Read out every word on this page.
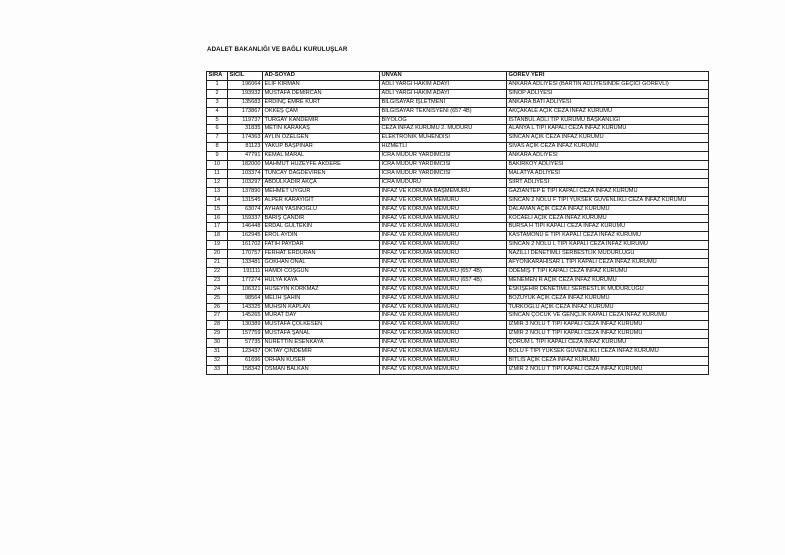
ADALET BAKANLIĞI VE BAĞLI KURULUŞLAR
SIRA	SİCİL	AD-SOYAD	UNVAN	GÖREV YERİ
1	196064	ELİF KIRMAN	ADLİ YARGI HÂKİM ADAYI	ANKARA ADLİYESİ (BARTIN ADLİYESİNDE GEÇİCİ GÖREVLİ)
2	193932	MUSTAFA DEMİRCAN	ADLİ YARGI HÂKİM ADAYI	SİNOP ADLİYESİ
3	135683	ERDİNÇ EMRE KURT	BİLGİSAYAR İŞLETMENİ	ANKARA BATI ADLİYESİ
4	173867	ÖKKEŞ ÇAM	BİLGİSAYAR TEKNİSYENİ (657 4B)	AKÇAKALE AÇIK CEZA İNFAZ KURUMU
5	119737	TURGAY KANDEMİR	BİYOLOG	İSTANBUL ADLİ TIP KURUMU BAŞKANLIĞI
6	31835	METİN KARAKAŞ	CEZA İNFAZ KURUMU 2. MÜDÜRÜ	ALANYA L TİPİ KAPALI CEZA İNFAZ KURUMU
7	174363	AYLİN ÖZELGEN	ELEKTRONİK MÜHENDİSİ	SİNCAN AÇIK CEZA İNFAZ KURUMU
8	81123	YAKUP BAŞPINAR	HİZMETLİ	SİVAS AÇIK CEZA İNFAZ KURUMU
9	47791	KEMAL MARAL	İCRA MÜDÜR YARDIMCISI	ANKARA ADLİYESİ
10	182000	MAHMUT HUZEYFE AKDERE	İCRA MÜDÜR YARDIMCISI	BAKIRKÖY ADLİYESİ
11	103374	TUNCAY DAĞDEVİREN	İCRA MÜDÜR YARDIMCISI	MALATYA ADLİYESİ
12	103297	ABDULKADİR AKÇA	İCRA MÜDÜRÜ	SİİRT ADLİYESİ
13	137890	MEHMET UYĞUR	İNFAZ VE KORUMA BAŞMEMURU	GAZİANTEP E TİPİ KAPALI CEZA İNFAZ KURUMU
14	131545	ALPER KARAYİĞİT	İNFAZ VE KORUMA MEMURU	SİNCAN 2 NOLU F TİPİ YÜKSEK GÜVENLİKLİ CEZA İNFAZ KURUMU
15	63074	AYHAN YASİNOĞLU	İNFAZ VE KORUMA MEMURU	DALAMAN AÇIK CEZA İNFAZ KURUMU
16	159337	BARIŞ ÇANDIR	İNFAZ VE KORUMA MEMURU	KOCAELİ AÇIK CEZA İNFAZ KURUMU
17	146448	ERDAL GÜLTEKİN	İNFAZ VE KORUMA MEMURU	BURSA H TİPİ KAPALI CEZA İNFAZ KURUMU
18	162945	EROL AYDIN	İNFAZ VE KORUMA MEMURU	KASTAMONU E TİPİ KAPALI CEZA İNFAZ KURUMU
19	161702	FATİH PAYDAR	İNFAZ VE KORUMA MEMURU	SİNCAN 2 NOLU L TİPİ KAPALI CEZA İNFAZ KURUMU
20	170757	FERHAT ERDURAN	İNFAZ VE KORUMA MEMURU	NAZİLLİ DENETİMLİ SERBESTLİK MÜDÜRLÜĞÜ
21	133481	GÖKHAN ÖNAL	İNFAZ VE KORUMA MEMURU	AFYONKARAHİSAR L TİPİ KAPALI CEZA İNFAZ KURUMU
22	191111	HAMDİ COŞGUN	İNFAZ VE KORUMA MEMURU (657 4B)	ÖDEMİŞ T TİPİ KAPALI CEZA İNFAZ KURUMU
23	177274	HÜLYA KAYA	İNFAZ VE KORUMA MEMURU (657 4B)	MENEMEN R AÇIK CEZA İNFAZ KURUMU
24	106321	HÜSEYİN KORKMAZ	İNFAZ VE KORUMA MEMURU	ESKİŞEHİR DENETİMLİ SERBESTLİK MÜDÜRLÜĞÜ
25	98564	MELİH ŞAHİN	İNFAZ VE KORUMA MEMURU	BOZÜYÜK AÇIK CEZA İNFAZ KURUMU
26	143325	MUHSİN KAPLAN	İNFAZ VE KORUMA MEMURU	TÜRKOĞLU AÇIK CEZA İNFAZ KURUMU
27	145265	MURAT DAY	İNFAZ VE KORUMA MEMURU	SİNCAN ÇOCUK VE GENÇLİK KAPALI CEZA İNFAZ KURUMU
28	130389	MUSTAFA ÇÖLKESEN	İNFAZ VE KORUMA MEMURU	İZMİR 3 NOLU T TİPİ KAPALI CEZA İNFAZ KURUMU
29	157759	MUSTAFA ŞANAL	İNFAZ VE KORUMA MEMURU	İZMİR 2 NOLU T TİPİ KAPALI CEZA İNFAZ KURUMU
30	57735	NURETTİN ESENKAYA	İNFAZ VE KORUMA MEMURU	ÇORUM L TİPİ KAPALI CEZA İNFAZ KURUMU
31	123437	OKTAY ÇİNDEMİR	İNFAZ VE KORUMA MEMURU	BOLU F TİPİ YÜKSEK GÜVENLİKLİ CEZA İNFAZ KURUMU
32	61696	ORHAN KÜSER	İNFAZ VE KORUMA MEMURU	BİTLİS AÇIK CEZA İNFAZ KURUMU
33	158342	OSMAN BALKAN	İNFAZ VE KORUMA MEMURU	İZMİR 2 NOLU T TİPİ KAPALI CEZA İNFAZ KURUMU
